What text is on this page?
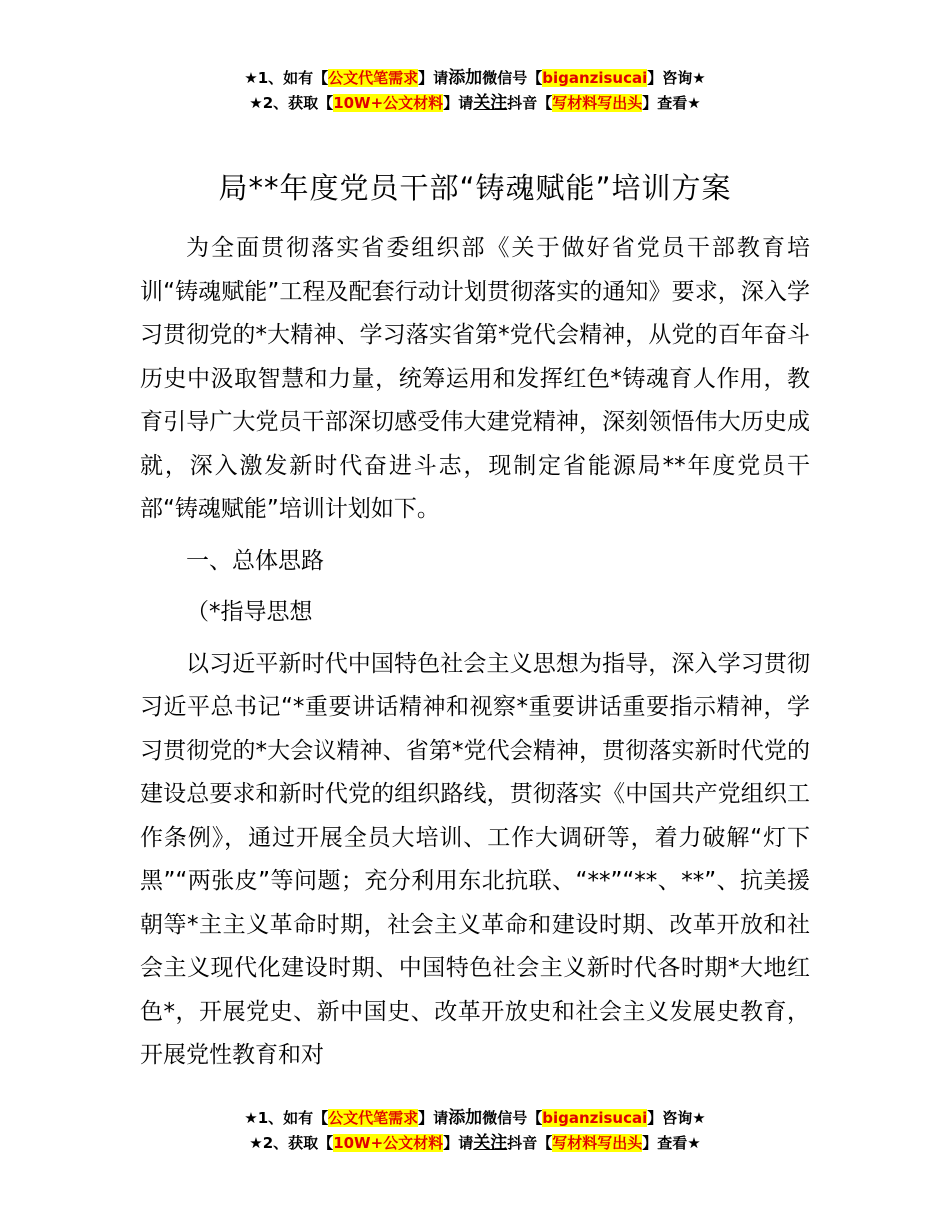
★1、如有【公文代笔需求】请添加微信号【biganzisucai】咨询★
★2、获取【10W+公文材料】请关注抖音【写材料写出头】查看★
局**年度党员干部“铸魂赋能”培训方案

为全面贯彻落实省委组织部《关于做好省党员干部教育培训“铸魂赋能”工程及配套行动计划贯彻落实的通知》要求，深入学习贯彻党的*大精神、学习落实省第*党代会精神，从党的百年奋斗历史中汲取智慧和力量，统筹运用和发挥红色*铸魂育人作用，教育引导广大党员干部深切感受伟大建党精神，深刻领悟伟大历史成就，深入激发新时代奋进斗志，现制定省能源局**年度党员干部“铸魂赋能”培训计划如下。

一、总体思路

（*指导思想

以习近平新时代中国特色社会主义思想为指导，深入学习贯彻习近平总书记“*重要讲话精神和视察*重要讲话重要指示精神，学习贯彻党的*大会议精神、省第*党代会精神，贯彻落实新时代党的建设总要求和新时代党的组织路线，贯彻落实《中国共产党组织工作条例》，通过开展全员大培训、工作大调研等，着力破解“灯下黑”“两张皮”等问题；充分利用东北抗联、“**”“**、**”、抗美援朝等*主主义革命时期，社会主义革命和建设时期、改革开放和社会主义现代化建设时期、中国特色社会主义新时代各时期*大地红色*，开展党史、新中国史、改革开放史和社会主义发展史教育，开展党性教育和对

★1、如有【公文代笔需求】请添加微信号【biganzisucai】咨询★
★2、获取【10W+公文材料】请关注抖音【写材料写出头】查看★
